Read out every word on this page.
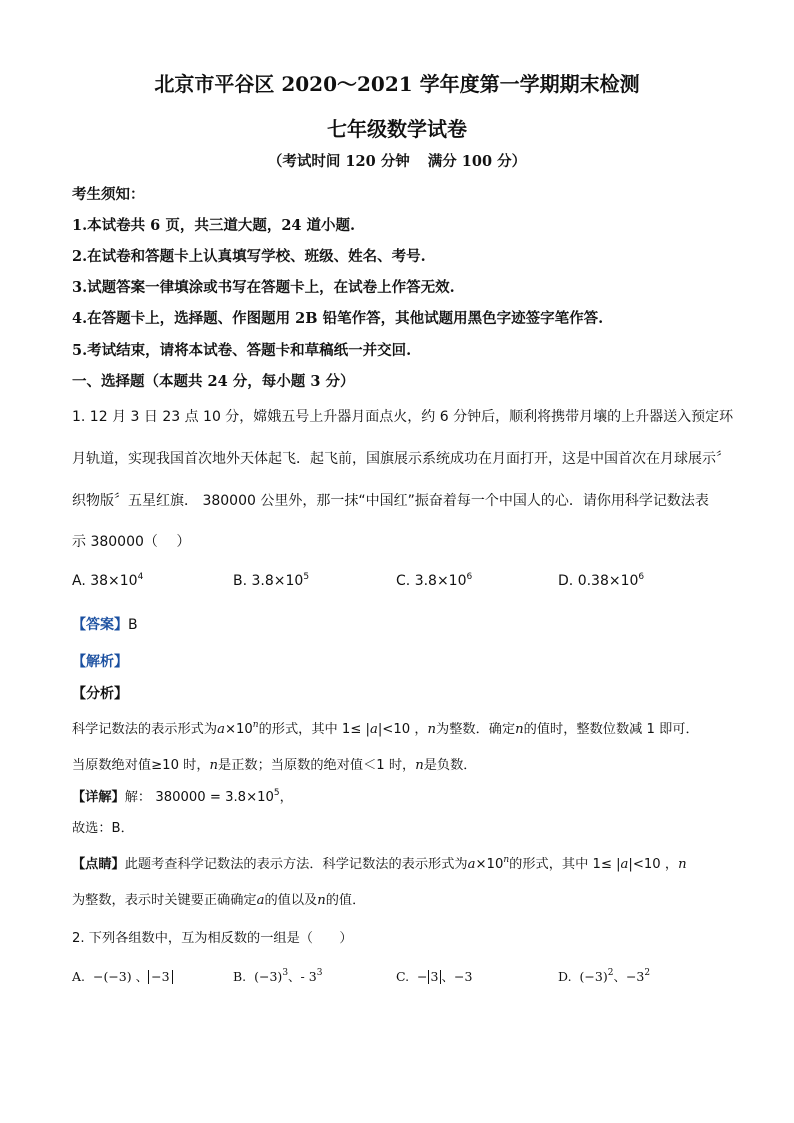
北京市平谷区 2020～2021 学年度第一学期期末检测
七年级数学试卷
（考试时间 120 分钟 满分 100 分）
考生须知：
1.本试卷共 6 页，共三道大题，24 道小题.
2.在试卷和答题卡上认真填写学校、班级、姓名、考号.
3.试题答案一律填涂或书写在答题卡上，在试卷上作答无效.
4.在答题卡上，选择题、作图题用 2B 铅笔作答，其他试题用黑色字迹签字笔作答.
5.考试结束，请将本试卷、答题卡和草稿纸一并交回.
一、选择题（本题共 24 分，每小题 3 分）
1. 12 月 3 日 23 点 10 分，嫦娥五号上升器月面点火，约 6 分钟后，顺利将携带月壤的上升器送入预定环
月轨道，实现我国首次地外天体起飞．起飞前，国旗展示系统成功在月面打开，这是中国首次在月球展示〞
织物版〞五星红旗． 380000 公里外，那一抹“中国红”振奋着每一个中国人的心．请你用科学记数法表
示 380000（　 ）
A. $38\times 10^4$	B. $3.8\times 10^5$	C. $3.8\times 10^6$	D. $0.38\times 10^6$
【答案】B
【解析】
【分析】
科学记数法的表示形式为$a\times 10^n$的形式，其中 1≤ |a|<10 ，n为整数．确定n的值时，整数位数减 1 即可．
当原数绝对值≥10 时，n是正数；当原数的绝对值＜1 时，n是负数．
【详解】解： $380000 = 3.8\times 10^5$，
故选：B．
【点睛】此题考查科学记数法的表示方法．科学记数法的表示形式为$a\times 10^n$的形式，其中 1≤ |a|<10 ，n
为整数，表示时关键要正确确定a的值以及n的值．
2. 下列各组数中，互为相反数的一组是（　　）
A. −(−3) 、 −3	B. $(-3)^3$、- $3^3$	C. − 3 、−3	D. $(-3)^2$、$-3^2$
